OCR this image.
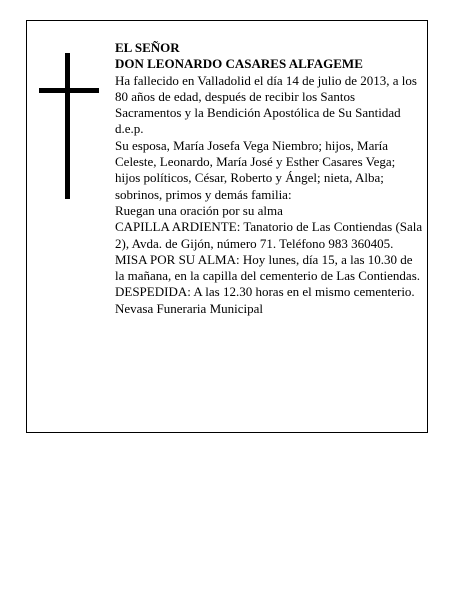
EL SEÑOR

DON LEONARDO CASARES ALFAGEME

Ha fallecido en Valladolid el día 14 de julio de 2013, a los 80 años de edad, después de recibir los Santos Sacramentos y la Bendición Apostólica de Su Santidad d.e.p.

Su esposa, María Josefa Vega Niembro; hijos, María Celeste, Leonardo, María José y Esther Casares Vega; hijos políticos, César, Roberto y Ángel; nieta, Alba; sobrinos, primos y demás familia:

Ruegan una oración por su alma

CAPILLA ARDIENTE: Tanatorio de Las Contiendas (Sala 2), Avda. de Gijón, número 71. Teléfono 983 360405.

MISA POR SU ALMA: Hoy lunes, día 15, a las 10.30 de la mañana, en la capilla del cementerio de Las Contiendas.

DESPEDIDA: A las 12.30 horas en el mismo cementerio.

Nevasa Funeraria Municipal
